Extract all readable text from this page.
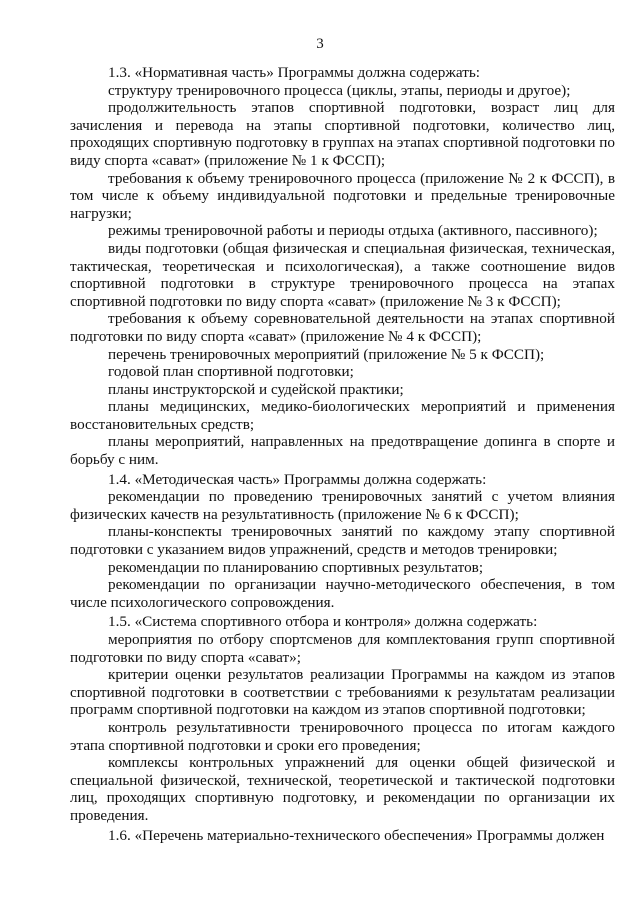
3

1.3. «Нормативная часть» Программы должна содержать:

структуру тренировочного процесса (циклы, этапы, периоды и другое);

продолжительность этапов спортивной подготовки, возраст лиц для зачисления и перевода на этапы спортивной подготовки, количество лиц, проходящих спортивную подготовку в группах на этапах спортивной подготовки по виду спорта «сават» (приложение № 1 к ФССП);

требования к объему тренировочного процесса (приложение № 2 к ФССП), в том числе к объему индивидуальной подготовки и предельные тренировочные нагрузки;

режимы тренировочной работы и периоды отдыха (активного, пассивного);

виды подготовки (общая физическая и специальная физическая, техническая, тактическая, теоретическая и психологическая), а также соотношение видов спортивной подготовки в структуре тренировочного процесса на этапах спортивной подготовки по виду спорта «сават» (приложение № 3 к ФССП);

требования к объему соревновательной деятельности на этапах спортивной подготовки по виду спорта «сават» (приложение № 4 к ФССП);

перечень тренировочных мероприятий (приложение № 5 к ФССП);

годовой план спортивной подготовки;

планы инструкторской и судейской практики;

планы медицинских, медико-биологических мероприятий и применения восстановительных средств;

планы мероприятий, направленных на предотвращение допинга в спорте и борьбу с ним.

1.4. «Методическая часть» Программы должна содержать:

рекомендации по проведению тренировочных занятий с учетом влияния физических качеств на результативность (приложение № 6 к ФССП);

планы-конспекты тренировочных занятий по каждому этапу спортивной подготовки с указанием видов упражнений, средств и методов тренировки;

рекомендации по планированию спортивных результатов;

рекомендации по организации научно-методического обеспечения, в том числе психологического сопровождения.

1.5. «Система спортивного отбора и контроля» должна содержать:

мероприятия по отбору спортсменов для комплектования групп спортивной подготовки по виду спорта «сават»;

критерии оценки результатов реализации Программы на каждом из этапов спортивной подготовки в соответствии с требованиями к результатам реализации программ спортивной подготовки на каждом из этапов спортивной подготовки;

контроль результативности тренировочного процесса по итогам каждого этапа спортивной подготовки и сроки его проведения;

комплексы контрольных упражнений для оценки общей физической и специальной физической, технической, теоретической и тактической подготовки лиц, проходящих спортивную подготовку, и рекомендации по организации их проведения.

1.6. «Перечень материально-технического обеспечения» Программы должен
